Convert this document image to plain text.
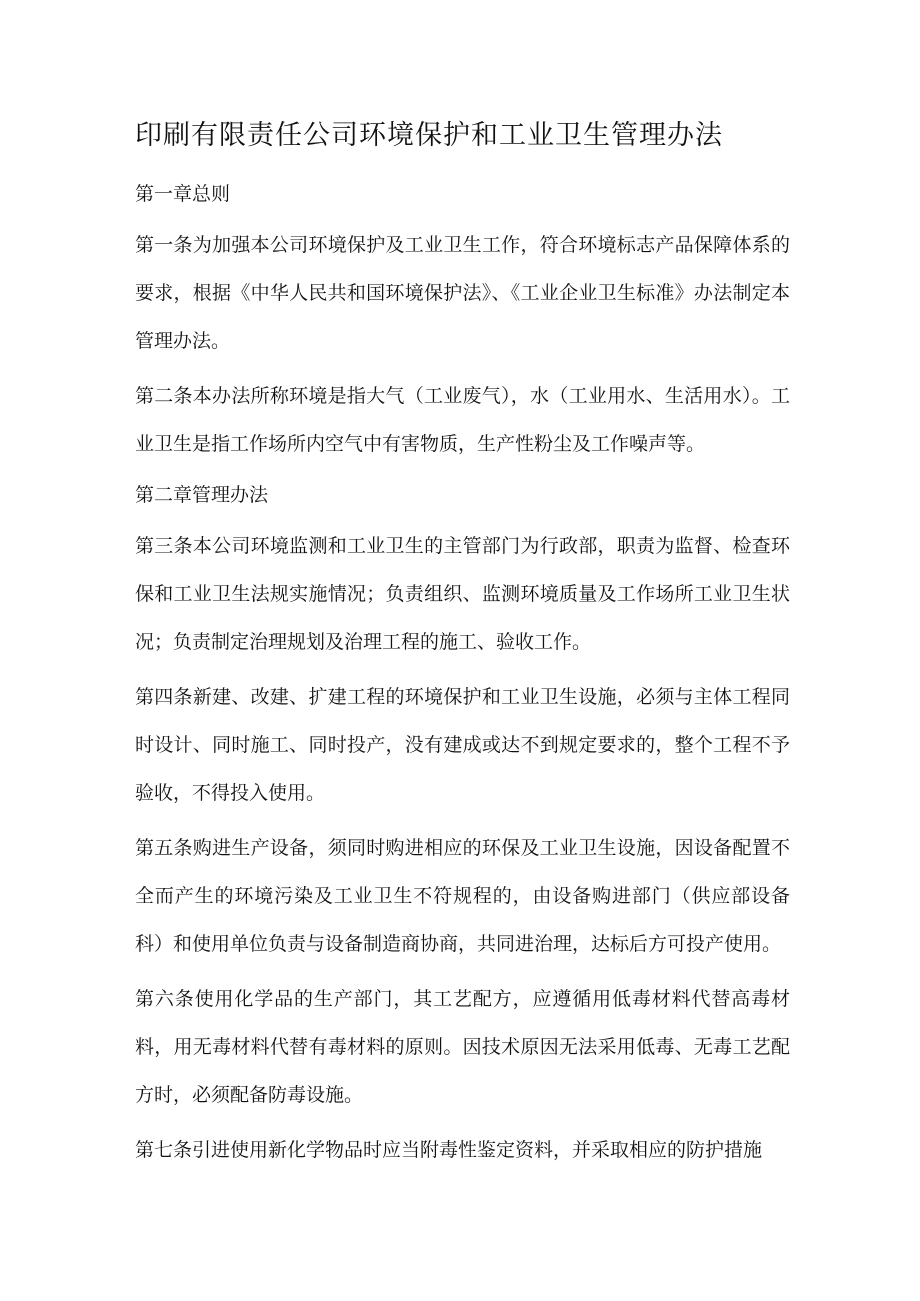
印刷有限责任公司环境保护和工业卫生管理办法

第一章总则

第一条为加强本公司环境保护及工业卫生工作，符合环境标志产品保障体系的要求，根据《中华人民共和国环境保护法》、《工业企业卫生标准》办法制定本管理办法。

第二条本办法所称环境是指大气（工业废气），水（工业用水、生活用水）。工业卫生是指工作场所内空气中有害物质，生产性粉尘及工作噪声等。

第二章管理办法

第三条本公司环境监测和工业卫生的主管部门为行政部，职责为监督、检查环保和工业卫生法规实施情况；负责组织、监测环境质量及工作场所工业卫生状况；负责制定治理规划及治理工程的施工、验收工作。

第四条新建、改建、扩建工程的环境保护和工业卫生设施，必须与主体工程同时设计、同时施工、同时投产，没有建成或达不到规定要求的，整个工程不予验收，不得投入使用。

第五条购进生产设备，须同时购进相应的环保及工业卫生设施，因设备配置不全而产生的环境污染及工业卫生不符规程的，由设备购进部门（供应部设备科）和使用单位负责与设备制造商协商，共同进治理，达标后方可投产使用。

第六条使用化学品的生产部门，其工艺配方，应遵循用低毒材料代替高毒材料，用无毒材料代替有毒材料的原则。因技术原因无法采用低毒、无毒工艺配方时，必须配备防毒设施。

第七条引进使用新化学物品时应当附毒性鉴定资料，并采取相应的防护措施
